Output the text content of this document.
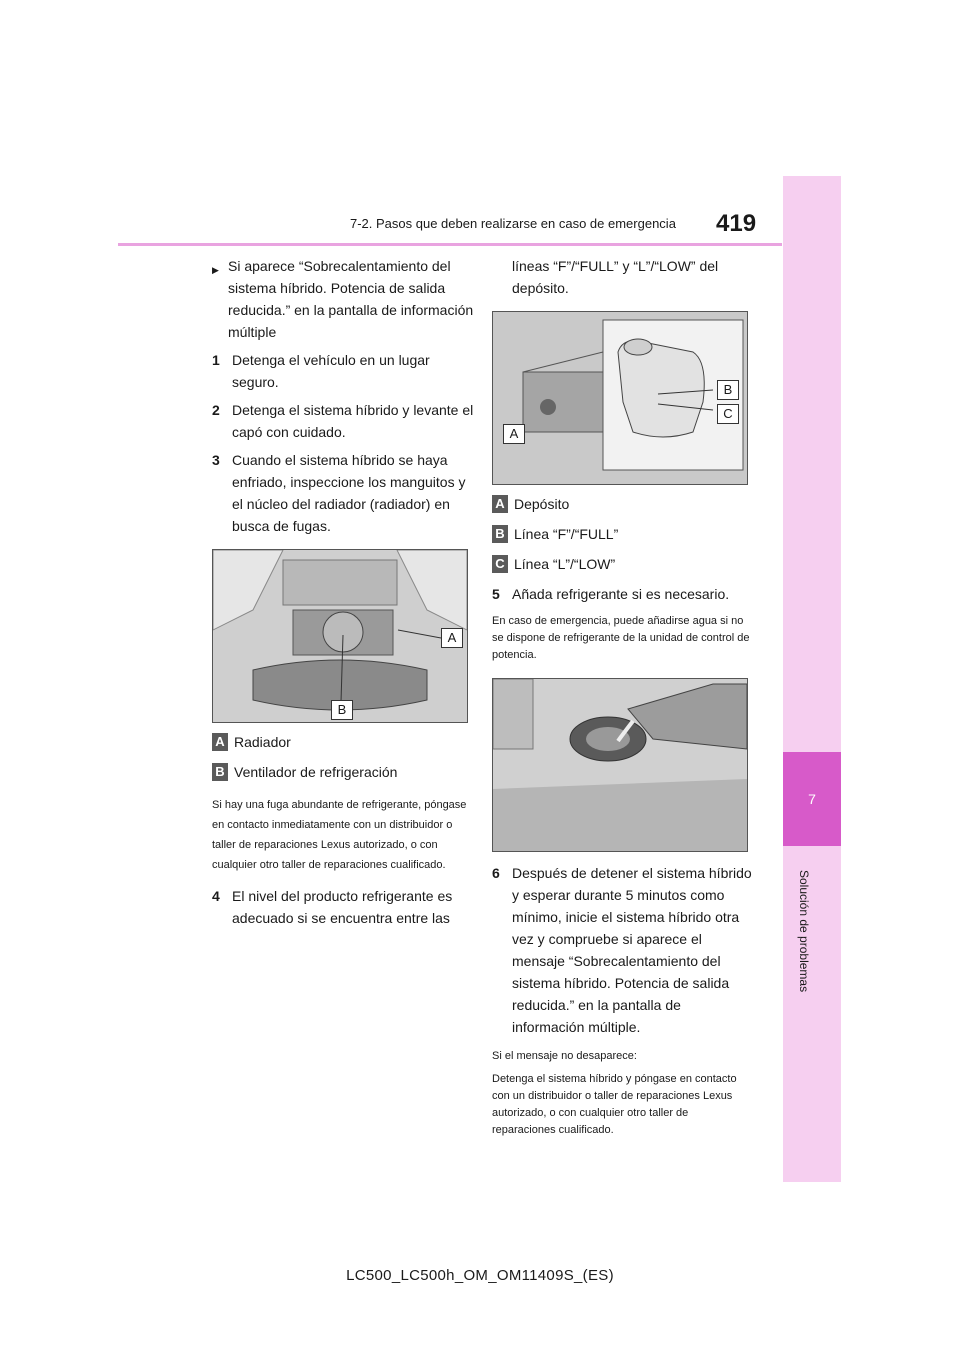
419
7-2. Pasos que deben realizarse en caso de emergencia
7
Solución de problemas
▶ Si aparece “Sobrecalentamiento del sistema híbrido. Potencia de salida reducida.” en la pantalla de información múltiple

1 Detenga el vehículo en un lugar seguro.

2 Detenga el sistema híbrido y levante el capó con cuidado.

3 Cuando el sistema híbrido se haya enfriado, inspeccione los manguitos y el núcleo del radiador (radiador) en busca de fugas.

A
B
A Radiador
B Ventilador de refrigeración

Si hay una fuga abundante de refrigerante, póngase en contacto inmediatamente con un distribuidor o taller de reparaciones Lexus autorizado, o con cualquier otro taller de reparaciones cualificado.

4 El nivel del producto refrigerante es adecuado si se encuentra entre las

líneas “F”/“FULL” y “L”/“LOW” del depósito.

A
B
C
A Depósito
B Línea “F”/“FULL”
C Línea “L”/“LOW”
5 Añada refrigerante si es necesario.

En caso de emergencia, puede añadirse agua si no se dispone de refrigerante de la unidad de control de potencia.

6 Después de detener el sistema híbrido y esperar durante 5 minutos como mínimo, inicie el sistema híbrido otra vez y compruebe si aparece el mensaje “Sobrecalentamiento del sistema híbrido. Potencia de salida reducida.” en la pantalla de información múltiple.

Si el mensaje no desaparece:

Detenga el sistema híbrido y póngase en contacto con un distribuidor o taller de reparaciones Lexus autorizado, o con cualquier otro taller de reparaciones cualificado.

LC500_LC500h_OM_OM11409S_(ES)
